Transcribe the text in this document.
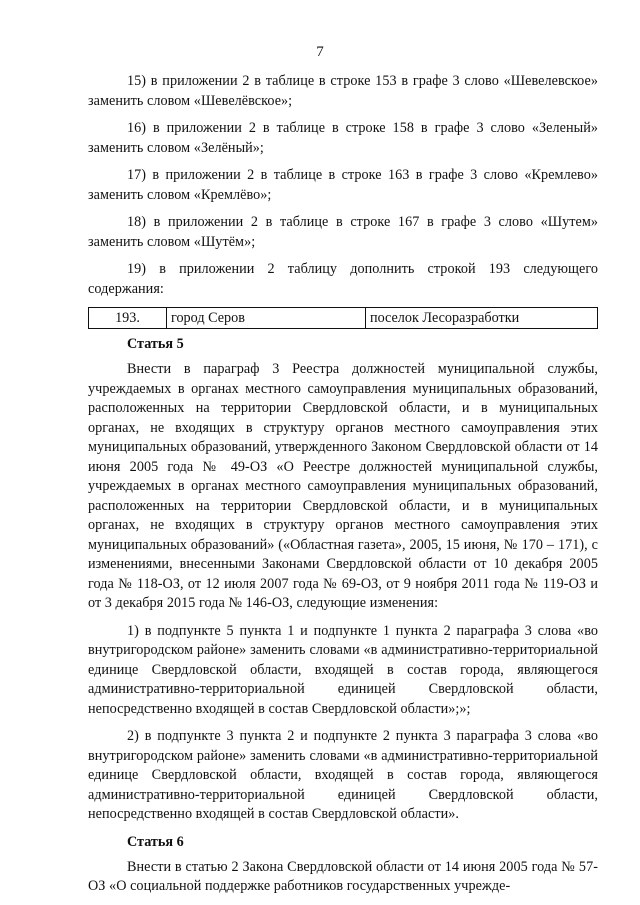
7

15) в приложении 2 в таблице в строке 153 в графе 3 слово «Шевелевское» заменить словом «Шевелёвское»;

16) в приложении 2 в таблице в строке 158 в графе 3 слово «Зеленый» заменить словом «Зелёный»;

17) в приложении 2 в таблице в строке 163 в графе 3 слово «Кремлево» заменить словом «Кремлёво»;

18) в приложении 2 в таблице в строке 167 в графе 3 слово «Шутем» заменить словом «Шутём»;

19) в приложении 2 таблицу дополнить строкой 193 следующего содержания:

193.	город Серов	поселок Лесоразработки

Статья 5

Внести в параграф 3 Реестра должностей муниципальной службы, учреждаемых в органах местного самоуправления муниципальных образований, расположенных на территории Свердловской области, и в муниципальных органах, не входящих в структуру органов местного самоуправления этих муниципальных образований, утвержденного Законом Свердловской области от 14 июня 2005 года № 49-ОЗ «О Реестре должностей муниципальной службы, учреждаемых в органах местного самоуправления муниципальных образований, расположенных на территории Свердловской области, и в муниципальных органах, не входящих в структуру органов местного самоуправления этих муниципальных образований» («Областная газета», 2005, 15 июня, № 170 – 171), с изменениями, внесенными Законами Свердловской области от 10 декабря 2005 года № 118-ОЗ, от 12 июля 2007 года № 69-ОЗ, от 9 ноября 2011 года № 119-ОЗ и от 3 декабря 2015 года № 146-ОЗ, следующие изменения:

1) в подпункте 5 пункта 1 и подпункте 1 пункта 2 параграфа 3 слова «во внутригородском районе» заменить словами «в административно-территориальной единице Свердловской области, входящей в состав города, являющегося административно-территориальной единицей Свердловской области, непосредственно входящей в состав Свердловской области»;»;

2) в подпункте 3 пункта 2 и подпункте 2 пункта 3 параграфа 3 слова «во внутригородском районе» заменить словами «в административно-территориальной единице Свердловской области, входящей в состав города, являющегося административно-территориальной единицей Свердловской области, непосредственно входящей в состав Свердловской области».

Статья 6

Внести в статью 2 Закона Свердловской области от 14 июня 2005 года № 57-ОЗ «О социальной поддержке работников государственных учрежде-
